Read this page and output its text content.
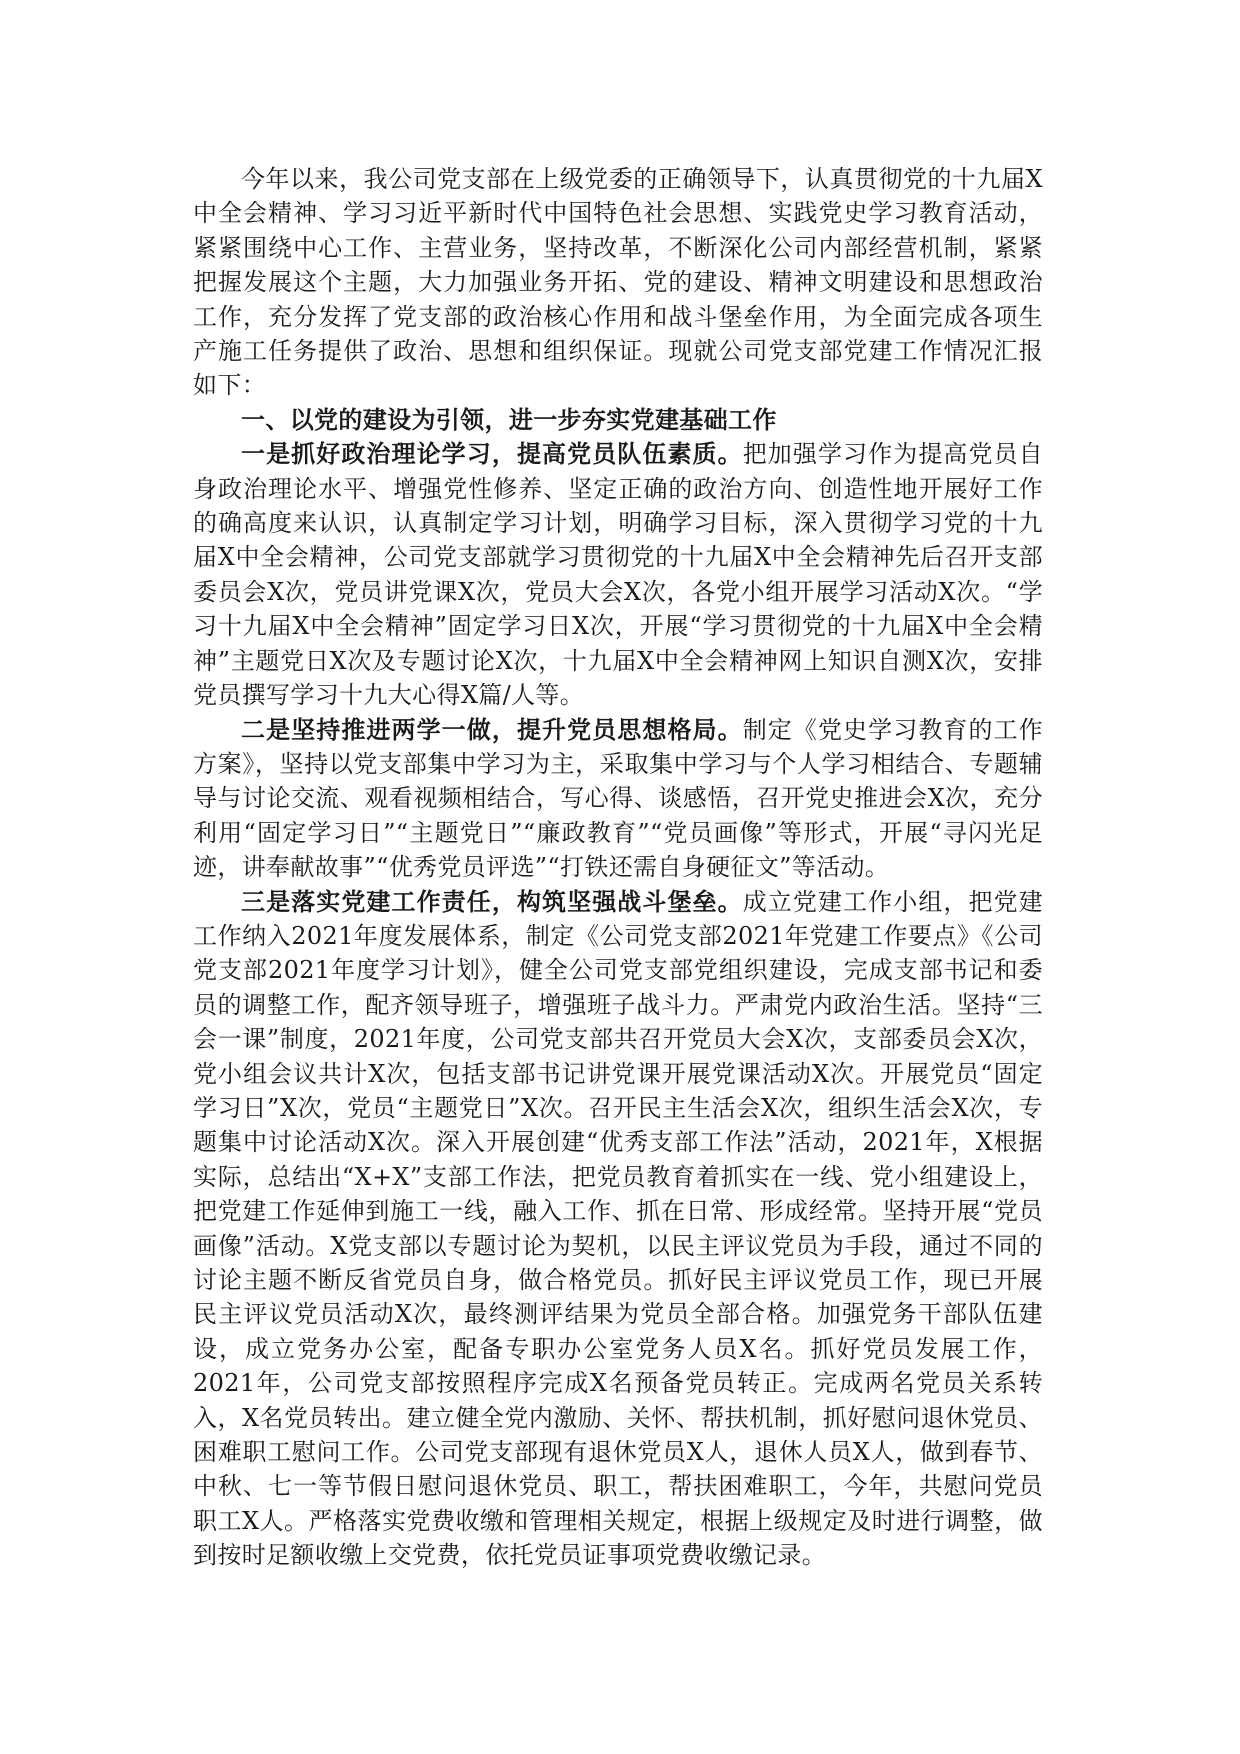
今年以来，我公司党支部在上级党委的正确领导下，认真贯彻党的十九届Ⅹ中全会精神、学习习近平新时代中国特色社会思想、实践党史学习教育活动，紧紧围绕中心工作、主营业务，坚持改革，不断深化公司内部经营机制，紧紧把握发展这个主题，大力加强业务开拓、党的建设、精神文明建设和思想政治工作，充分发挥了党支部的政治核心作用和战斗堡垒作用，为全面完成各项生产施工任务提供了政治、思想和组织保证。现就公司党支部党建工作情况汇报如下：

一、以党的建设为引领，进一步夯实党建基础工作

一是抓好政治理论学习，提高党员队伍素质。把加强学习作为提高党员自身政治理论水平、增强党性修养、坚定正确的政治方向、创造性地开展好工作的确高度来认识，认真制定学习计划，明确学习目标，深入贯彻学习党的十九届Ⅹ中全会精神，公司党支部就学习贯彻党的十九届Ⅹ中全会精神先后召开支部委员会Ⅹ次，党员讲党课Ⅹ次，党员大会Ⅹ次，各党小组开展学习活动Ⅹ次。“学习十九届Ⅹ中全会精神”固定学习日Ⅹ次，开展“学习贯彻党的十九届Ⅹ中全会精神”主题党日Ⅹ次及专题讨论Ⅹ次，十九届Ⅹ中全会精神网上知识自测Ⅹ次，安排党员撰写学习十九大心得Ⅹ篇/人等。

二是坚持推进两学一做，提升党员思想格局。制定《党史学习教育的工作方案》，坚持以党支部集中学习为主，采取集中学习与个人学习相结合、专题辅导与讨论交流、观看视频相结合，写心得、谈感悟，召开党史推进会Ⅹ次，充分利用“固定学习日”“主题党日”“廉政教育”“党员画像”等形式，开展“寻闪光足迹，讲奉献故事”“优秀党员评选”“打铁还需自身硬征文”等活动。

三是落实党建工作责任，构筑坚强战斗堡垒。成立党建工作小组，把党建工作纳入2021年度发展体系，制定《公司党支部2021年党建工作要点》《公司党支部2021年度学习计划》，健全公司党支部党组织建设，完成支部书记和委员的调整工作，配齐领导班子，增强班子战斗力。严肃党内政治生活。坚持“三会一课”制度，2021年度，公司党支部共召开党员大会Ⅹ次，支部委员会Ⅹ次，党小组会议共计Ⅹ次，包括支部书记讲党课开展党课活动Ⅹ次。开展党员“固定学习日”Ⅹ次，党员“主题党日”Ⅹ次。召开民主生活会Ⅹ次，组织生活会Ⅹ次，专题集中讨论活动Ⅹ次。深入开展创建“优秀支部工作法”活动，2021年，Ⅹ根据实际，总结出“X+X”支部工作法，把党员教育着抓实在一线、党小组建设上，把党建工作延伸到施工一线，融入工作、抓在日常、形成经常。坚持开展“党员画像”活动。Ⅹ党支部以专题讨论为契机，以民主评议党员为手段，通过不同的讨论主题不断反省党员自身，做合格党员。抓好民主评议党员工作，现已开展民主评议党员活动Ⅹ次，最终测评结果为党员全部合格。加强党务干部队伍建设，成立党务办公室，配备专职办公室党务人员Ⅹ名。抓好党员发展工作，2021年，公司党支部按照程序完成Ⅹ名预备党员转正。完成两名党员关系转入，Ⅹ名党员转出。建立健全党内激励、关怀、帮扶机制，抓好慰问退休党员、困难职工慰问工作。公司党支部现有退休党员Ⅹ人，退休人员Ⅹ人，做到春节、中秋、七一等节假日慰问退休党员、职工，帮扶困难职工，今年，共慰问党员职工Ⅹ人。严格落实党费收缴和管理相关规定，根据上级规定及时进行调整，做到按时足额收缴上交党费，依托党员证事项党费收缴记录。
